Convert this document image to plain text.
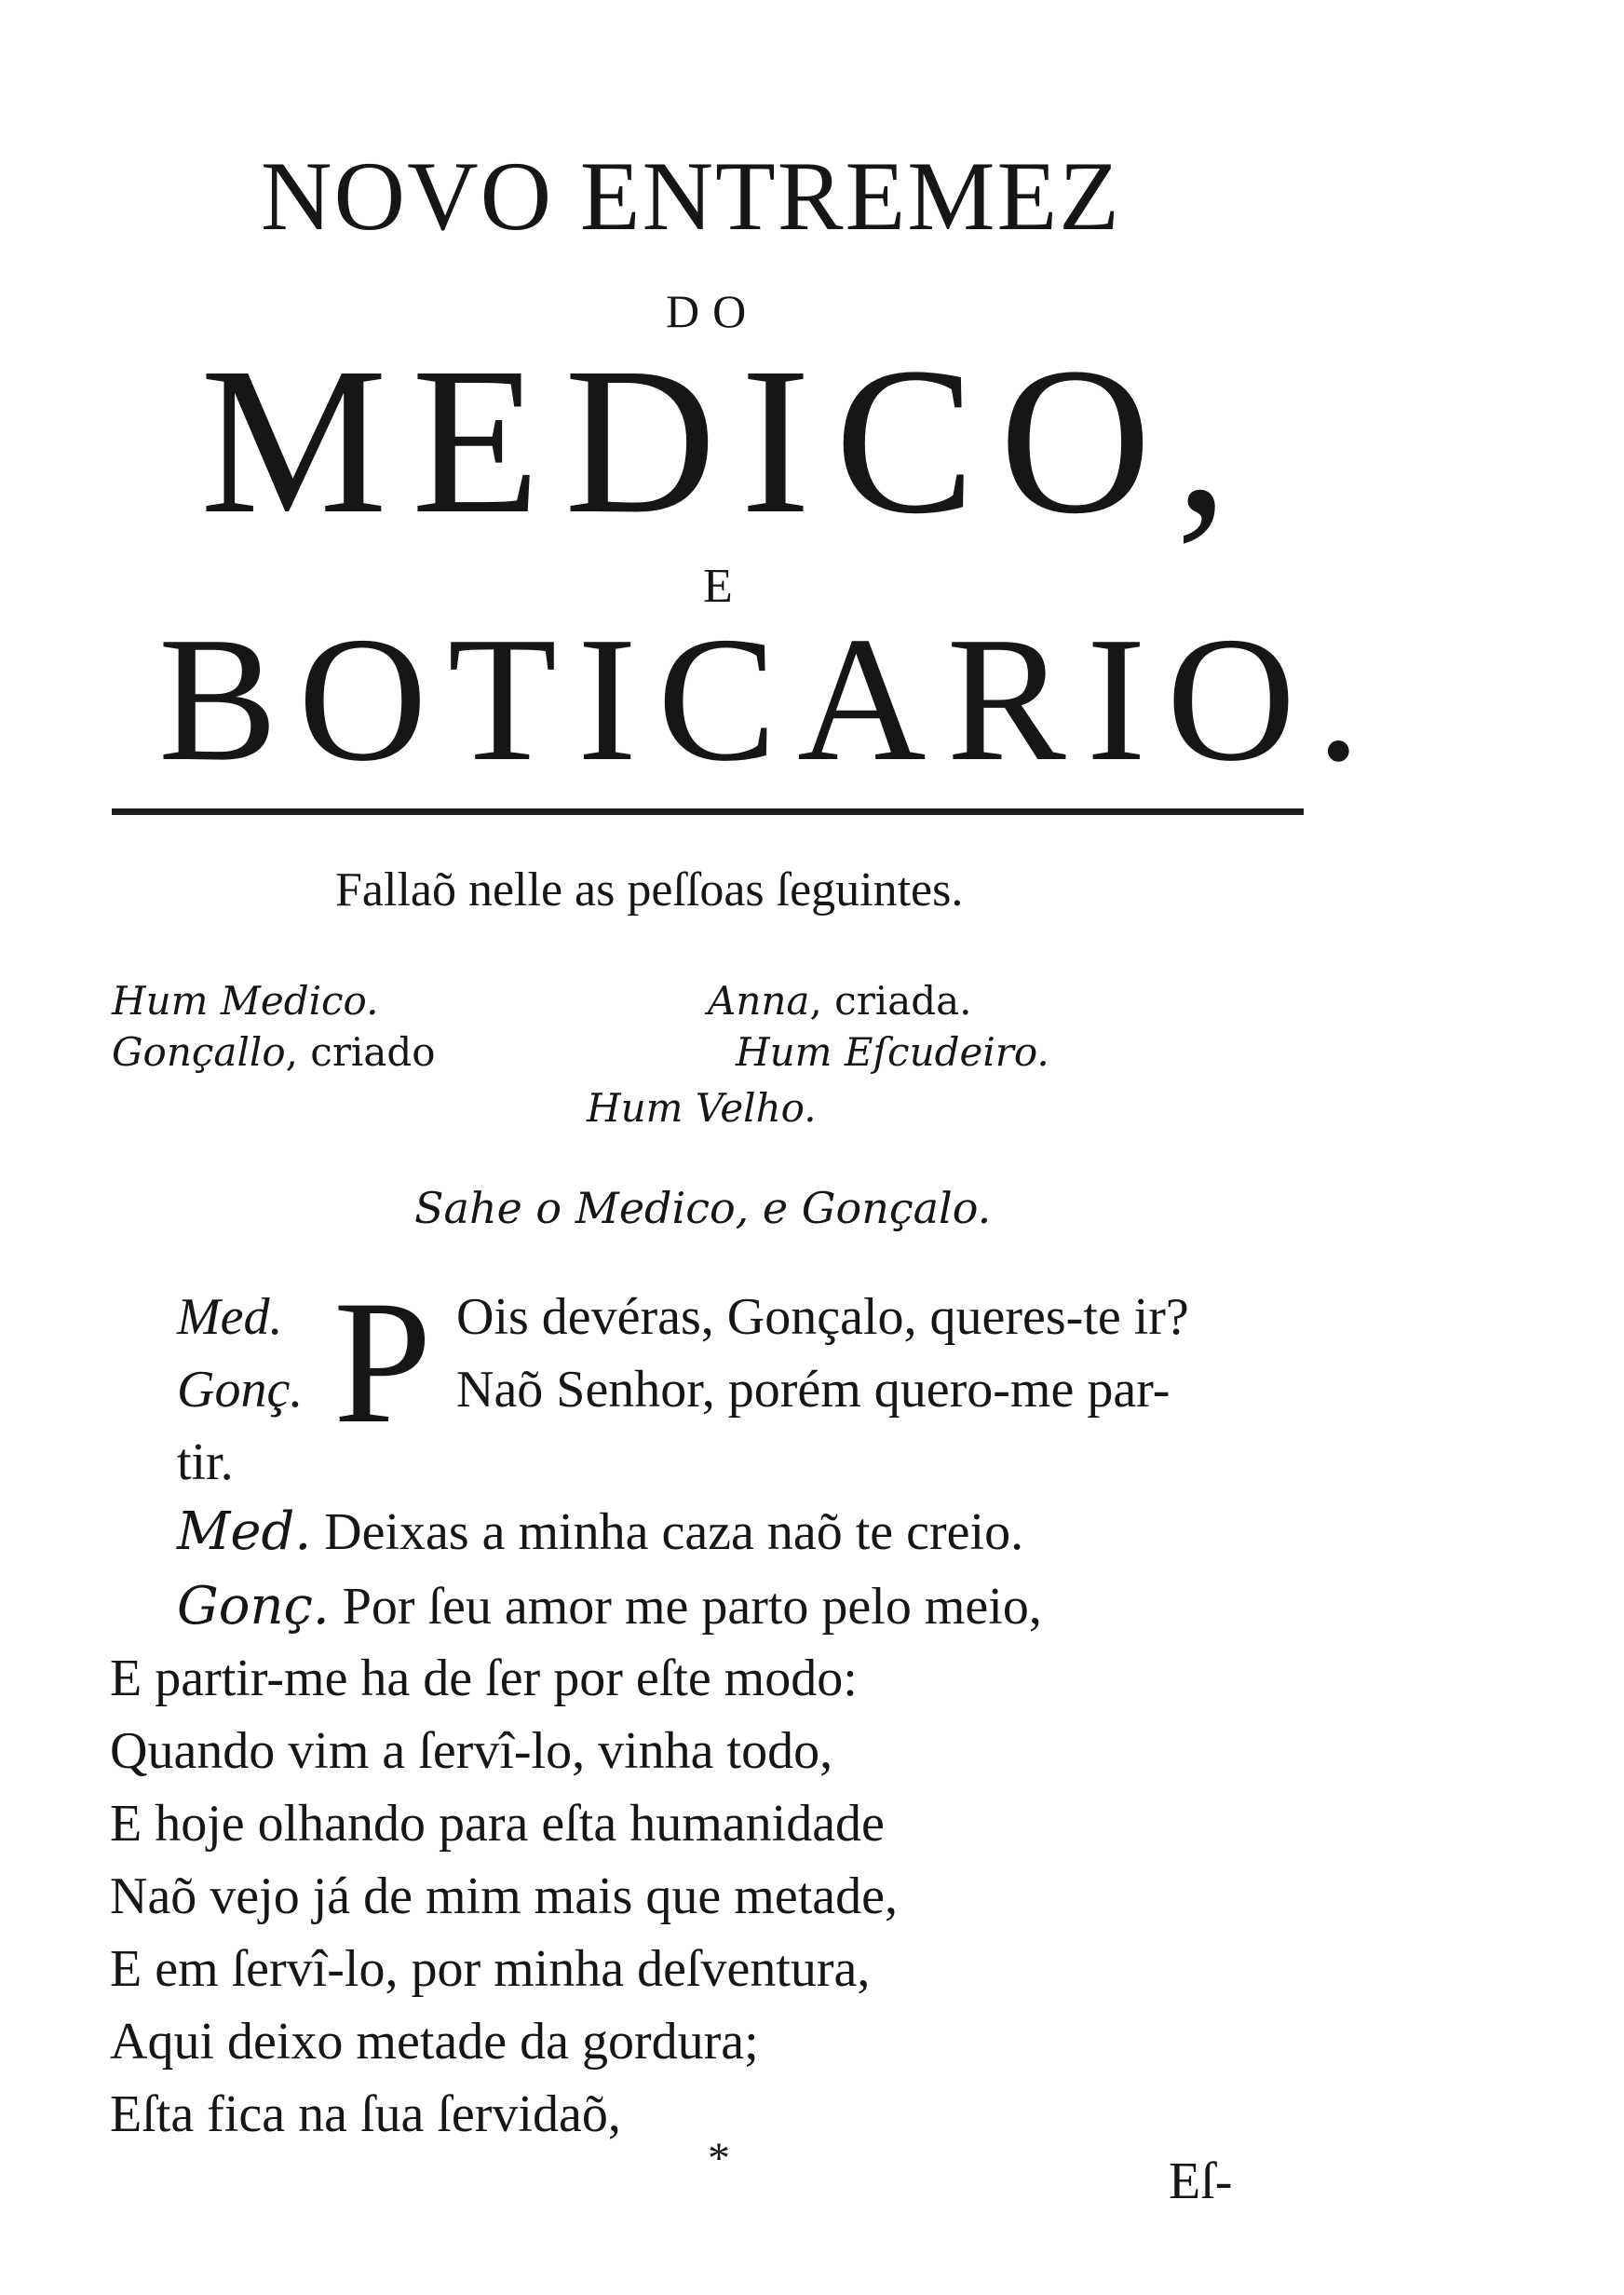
NOVO ENTREMEZ
DO
MEDICO,
E
BOTICARIO.
Fallaõ nelle as peſſoas ſeguintes.
Hum Medico.	Anna, criada.
Gonçallo, criado	Hum Eſcudeiro.
Hum Velho.
Sahe o Medico, e Gonçalo.
P
Med.	Ois devéras, Gonçalo, queres-te ir?
Gonç.	Naõ Senhor, porém quero-me par-
tir.
Med. Deixas a minha caza naõ te creio.
Gonç. Por ſeu amor me parto pelo meio,
E partir-me ha de ſer por eſte modo:
Quando vim a ſervî-lo, vinha todo,
E hoje olhando para eſta humanidade
Naõ vejo já de mim mais que metade,
E em ſervî-lo, por minha deſventura,
Aqui deixo metade da gordura;
Eſta fica na ſua ſervidaõ,
*	Eſ-
